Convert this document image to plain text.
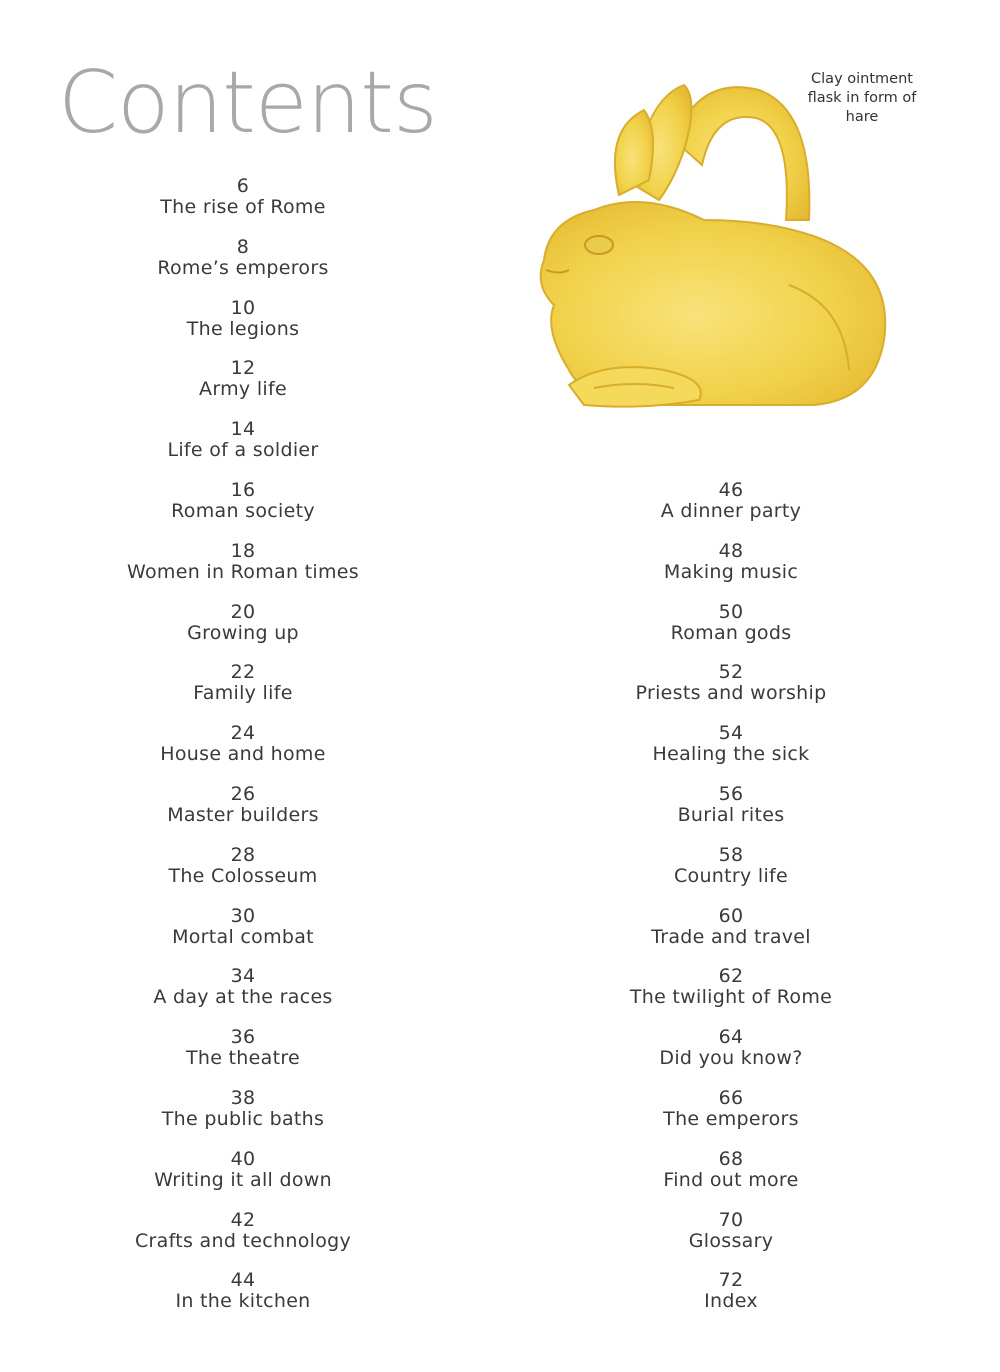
Contents	Clay ointment flask in form of hare
6
The rise of Rome
8
Rome’s emperors
10
The legions
12
Army life
14
Life of a soldier
16
Roman society
18
Women in Roman times
20
Growing up
22
Family life
24
House and home
26
Master builders
28
The Colosseum
30
Mortal combat
34
A day at the races
36
The theatre
38
The public baths
40
Writing it all down
42
Crafts and technology
44
In the kitchen
46
A dinner party
48
Making music
50
Roman gods
52
Priests and worship
54
Healing the sick
56
Burial rites
58
Country life
60
Trade and travel
62
The twilight of Rome
64
Did you know?
66
The emperors
68
Find out more
70
Glossary
72
Index
